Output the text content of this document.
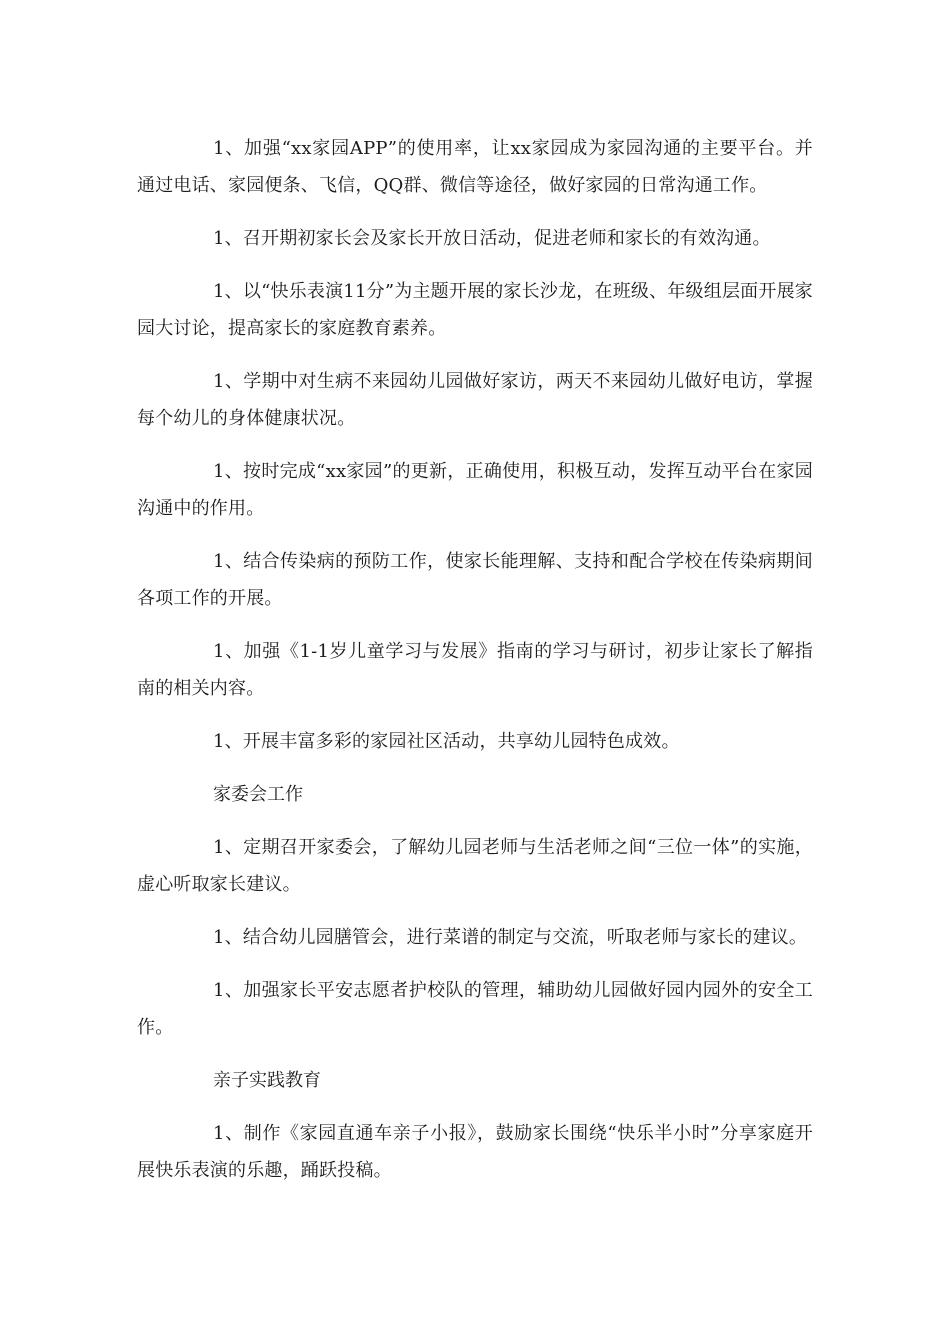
1、加强“xx家园APP”的使用率，让xx家园成为家园沟通的主要平台。并通过电话、家园便条、飞信，QQ群、微信等途径，做好家园的日常沟通工作。

1、召开期初家长会及家长开放日活动，促进老师和家长的有效沟通。

1、以“快乐表演11分”为主题开展的家长沙龙，在班级、年级组层面开展家园大讨论，提高家长的家庭教育素养。

1、学期中对生病不来园幼儿园做好家访，两天不来园幼儿做好电访，掌握每个幼儿的身体健康状况。

1、按时完成“xx家园”的更新，正确使用，积极互动，发挥互动平台在家园沟通中的作用。

1、结合传染病的预防工作，使家长能理解、支持和配合学校在传染病期间各项工作的开展。

1、加强《1-1岁儿童学习与发展》指南的学习与研讨，初步让家长了解指南的相关内容。

1、开展丰富多彩的家园社区活动，共享幼儿园特色成效。

家委会工作

1、定期召开家委会，了解幼儿园老师与生活老师之间“三位一体”的实施，虚心听取家长建议。

1、结合幼儿园膳管会，进行菜谱的制定与交流，听取老师与家长的建议。

1、加强家长平安志愿者护校队的管理，辅助幼儿园做好园内园外的安全工作。

亲子实践教育

1、制作《家园直通车亲子小报》，鼓励家长围绕“快乐半小时”分享家庭开展快乐表演的乐趣，踊跃投稿。
